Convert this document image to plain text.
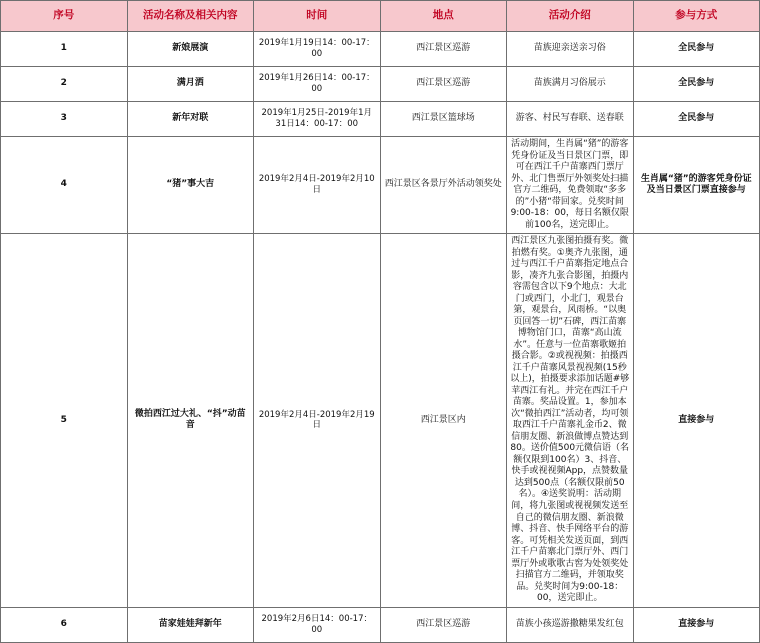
序号	活动名称及相关内容	时间	地点	活动介绍	参与方式
1	新娘展演	2019年1月19日14：00-17：00	西江景区巡游	苗族迎亲送亲习俗	全民参与
2	满月洒	2019年1月26日14：00-17：00	西江景区巡游	苗族满月习俗展示	全民参与
3	新年对联	2019年1月25日-2019年1月31日14：00-17：00	西江景区篮球场	游客、村民写春联、送春联	全民参与
4	“猪”事大吉	2019年2月4日-2019年2月10日	西江景区各景厅外活动领奖处	活动期间，生肖属“猪”的游客凭身份证及当日景区门票，即可在西江千户苗寨西门票厅外、北门售票厅外领奖处扫描官方二维码，免费领取“多多的”小猪“带回家。兑奖时间9:00-18：00，每日名额仅限前100名，送完即止。	生肖属“猪”的游客凭身份证及当日景区门票直接参与
5	微拍西江过大礼、“抖”动苗音	2019年2月4日-2019年2月19日	西江景区内	西江景区九张图拍摄有奖。微拍燃有奖。①奥齐九张图，通过与西江千户苗寨指定地点合影，凑齐九张合影图，拍摄内容需包含以下9个地点：大北门或西门，小北门，观景台第，观景台，风雨桥。“以奥页回答一切”石碑，西江苗寨博物馆门口，苗寨“高山流水”。任意与一位苗寨歌姬拍摄合影。②或视视频：拍摄西江千户苗寨风景视视频(15秒以上)，拍摄要求添加话题#够苹西江有礼。并完在西江千户苗寨。奖品设置。1，参加本次“微拍西江”活动者，均可领取西江千户苗寨礼金币2、微信朋友圈、新浪做博点赞达到80。送价值500元微信语（名额仅限到100名）3、抖音、快手或视视频App，点赞数量达到500点（名额仅限前50名）。④送奖说明：活动期间，将九张图或视视频发送至自己的微信朋友圈、新浪微博、抖音、快手网络平台的游客。可凭相关发送页面，到西江千户苗寨北门票厅外、西门票厅外或歌歌古窖为处领奖处扫描官方二维码，并领取奖品。兑奖时间为9:00-18：00，送完即止。	直接参与
6	苗家娃娃拜新年	2019年2月6日14：00-17：00	西江景区巡游	苗族小孩巡游撒糖果发红包	直接参与
